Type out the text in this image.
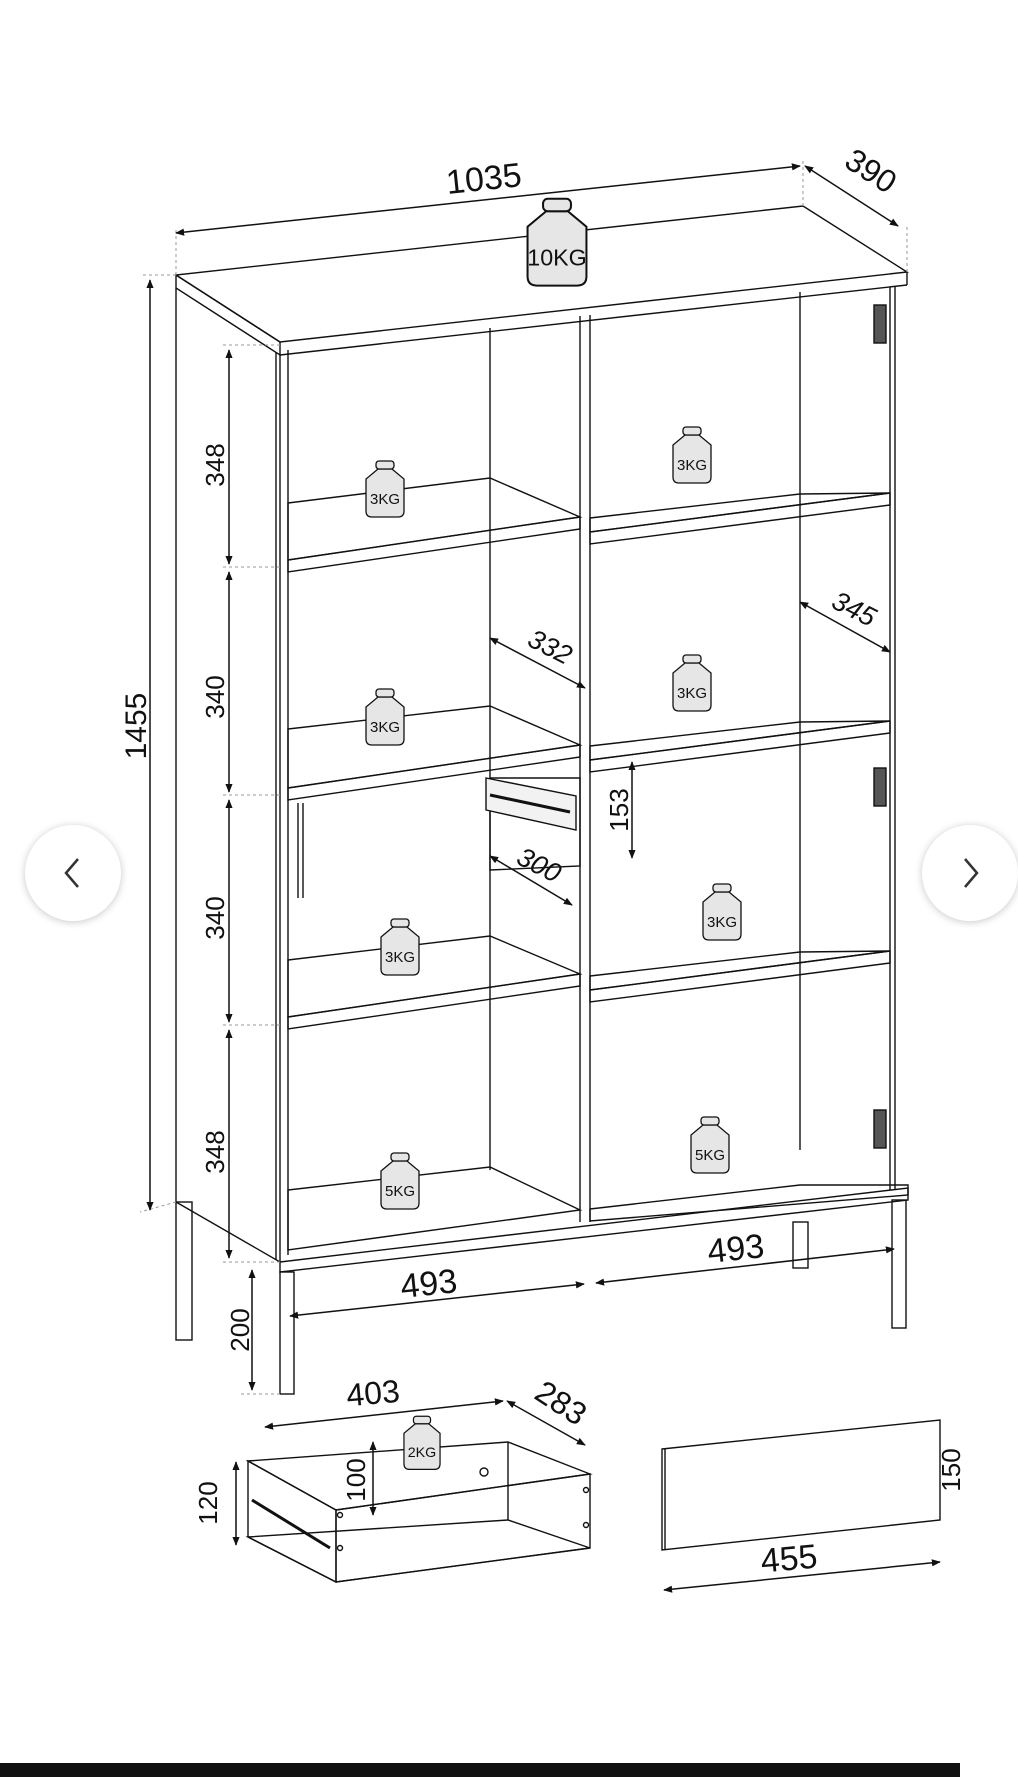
10KG
3KG
3KG
3KG
5KG
3KG
3KG
3KG
5KG
2KG
1035	390
1455
348
340
340
348
200
332
345
300
153
493
493
403	283
120
100
455
150
